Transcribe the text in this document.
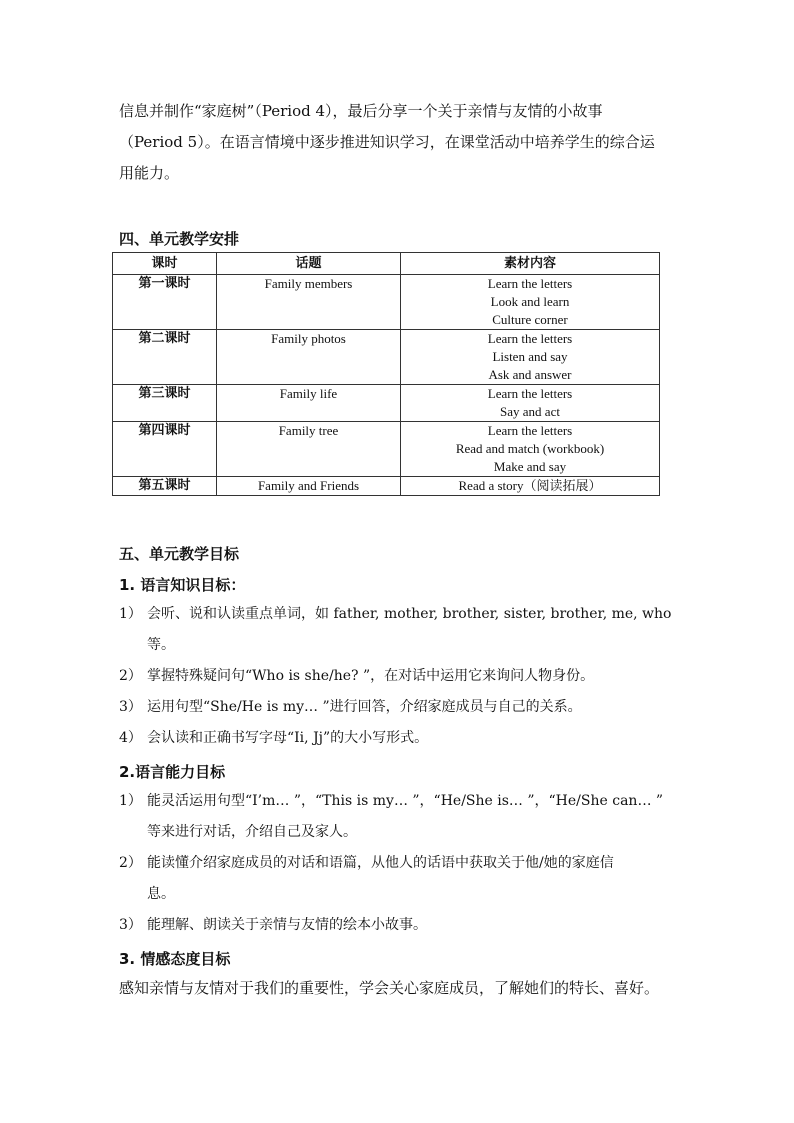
信息并制作“家庭树”（Period 4），最后分享一个关于亲情与友情的小故事
（Period 5）。在语言情境中逐步推进知识学习，在课堂活动中培养学生的综合运
用能力。
四、单元教学安排
课时	话题	素材内容
第一课时	Family members	Learn the letters
Look and learn
Culture corner

第二课时	Family photos	Learn the letters
Listen and say
Ask and answer

第三课时	Family life	Learn the letters
Say and act

第四课时	Family tree	Learn the letters
Read and match (workbook)
Make and say

第五课时	Family and Friends	Read a story（阅读拓展）
五、单元教学目标
1. 语言知识目标：
1） 会听、说和认读重点单词，如 father, mother, brother, sister, brother, me, who
等。
2） 掌握特殊疑问句“Who is she/he? ”，在对话中运用它来询问人物身份。
3） 运用句型“She/He is my… ”进行回答，介绍家庭成员与自己的关系。
4） 会认读和正确书写字母“Ii, Jj”的大小写形式。
2.语言能力目标
1） 能灵活运用句型“I’m… ”，“This is my… ”，“He/She is… ”，“He/She can… ”
等来进行对话，介绍自己及家人。
2） 能读懂介绍家庭成员的对话和语篇，从他人的话语中获取关于他/她的家庭信
息。
3） 能理解、朗读关于亲情与友情的绘本小故事。
3. 情感态度目标
感知亲情与友情对于我们的重要性，学会关心家庭成员，了解她们的特长、喜好。
